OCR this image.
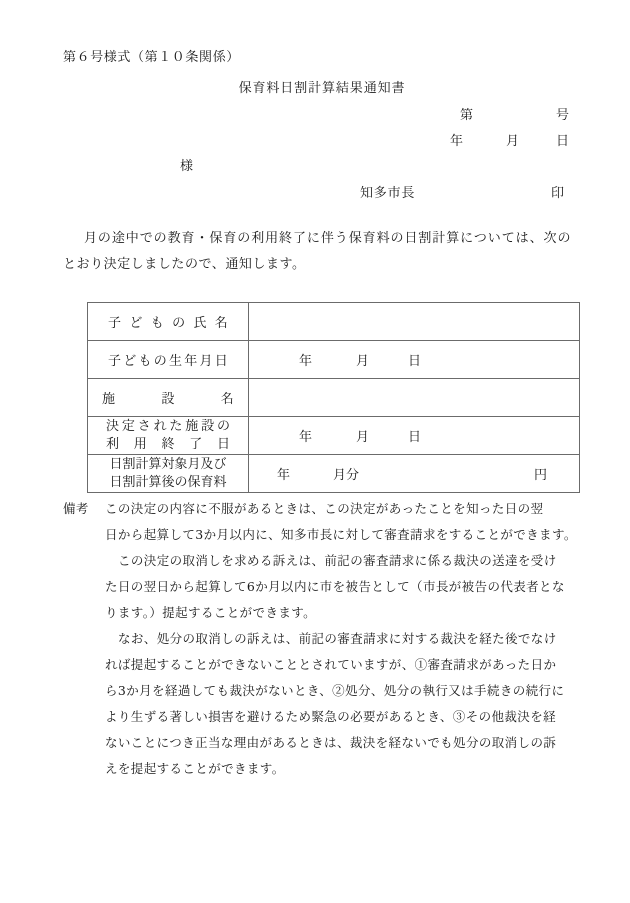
第６号様式（第１０条関係）
保育料日割計算結果通知書
第	号
年	月	日
様
知多市長	印
月の途中での教育・保育の利用終了に伴う保育料の日割計算については、次のとおり決定しましたので、通知します。
子どもの氏名	

子どもの生年月日	年 月 日

施設名	

決定された施設の
利用終了日	年 月 日

日割計算対象月及び
日割計算後の保育料	年 月分 円
備考 この決定の内容に不服があるときは、この決定があったことを知った日の翌
日から起算して3か月以内に、知多市長に対して審査請求をすることができます。
この決定の取消しを求める訴えは、前記の審査請求に係る裁決の送達を受け
た日の翌日から起算して6か月以内に市を被告として（市長が被告の代表者とな
ります。）提起することができます。
なお、処分の取消しの訴えは、前記の審査請求に対する裁決を経た後でなけ
れば提起することができないこととされていますが、①審査請求があった日か
ら3か月を経過しても裁決がないとき、②処分、処分の執行又は手続きの続行に
より生ずる著しい損害を避けるため緊急の必要があるとき、③その他裁決を経
ないことにつき正当な理由があるときは、裁決を経ないでも処分の取消しの訴
えを提起することができます。
